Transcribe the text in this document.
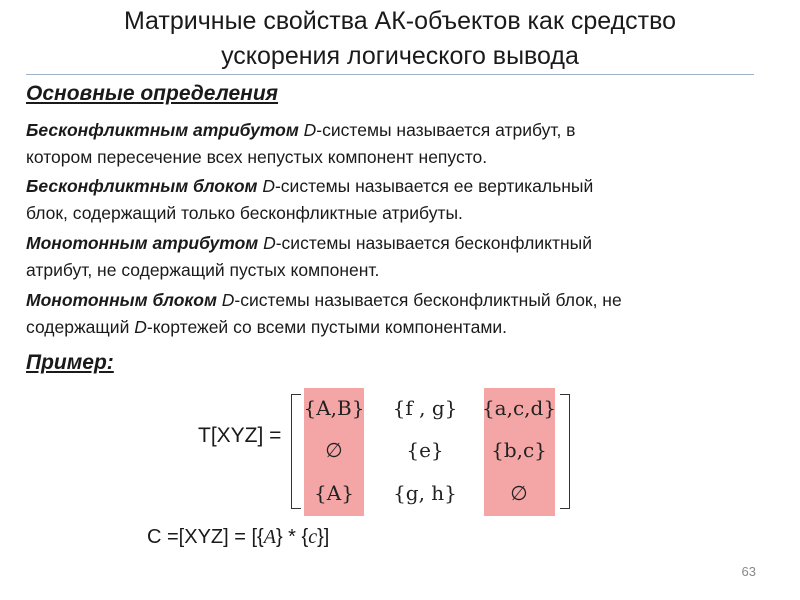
Матричные свойства АК-объектов как средство
ускорения логического вывода
Основные определения
Бесконфликтным атрибутом D-системы называется атрибут, в
котором пересечение всех непустых компонент непусто.
Бесконфликтным блоком D-системы называется ее вертикальный
блок, содержащий только бесконфликтные атрибуты.
Монотонным атрибутом D-системы называется бесконфликтный
атрибут, не содержащий пустых компонент.
Монотонным блоком D-системы называется бесконфликтный блок, не
содержащий D-кортежей со всеми пустыми компонентами.
Пример:
T[XYZ] =
{A,B}	{f , g}	{a,c,d}
∅	{e}	{b,c}
{A}	{g, h}	∅
C =[XYZ] = [{A} * {c}]
63
